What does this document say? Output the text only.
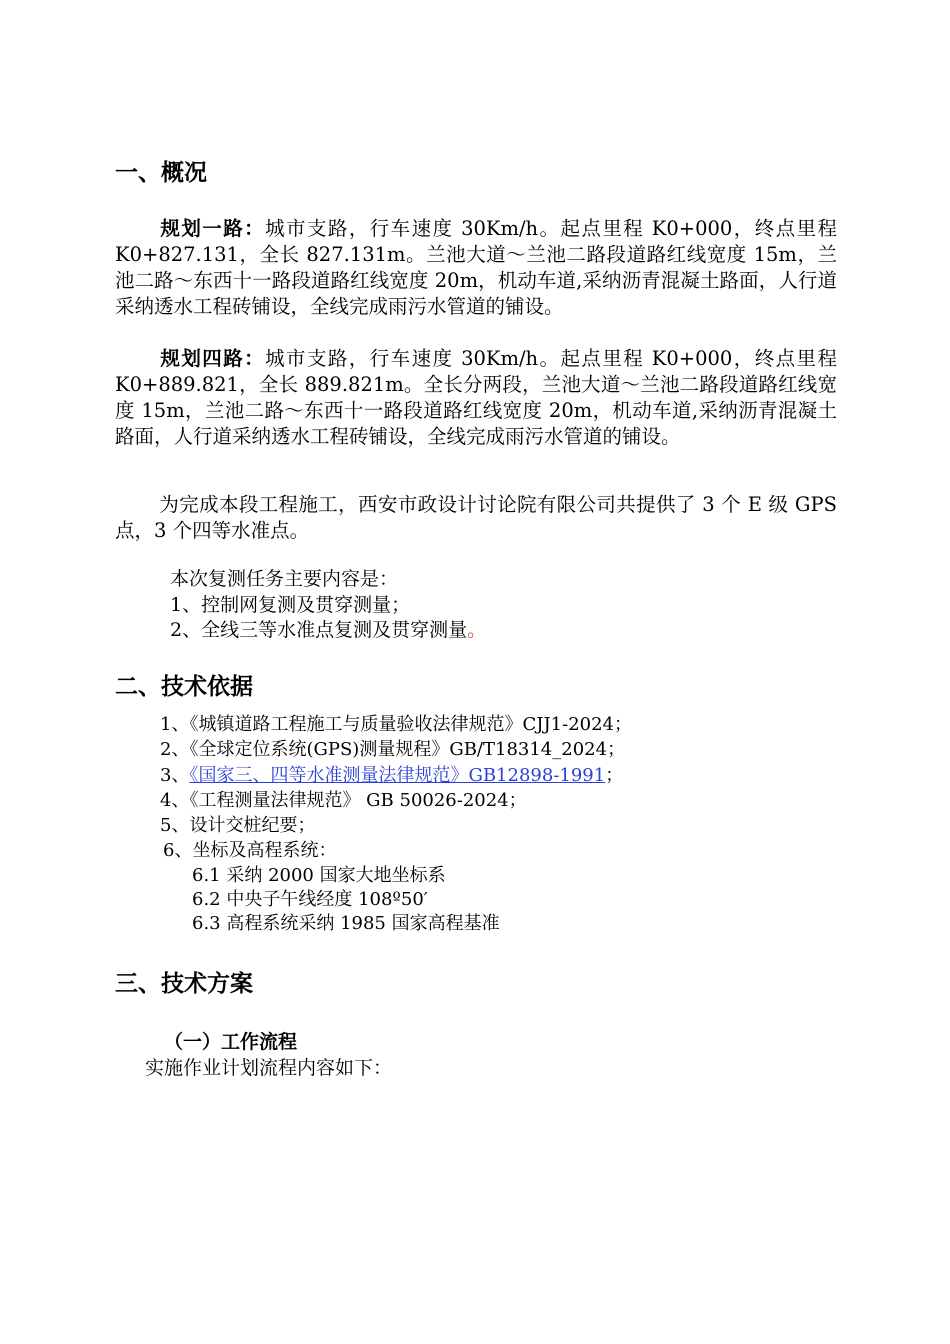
一、概况
规划一路：城市支路，行车速度 30Km/h。起点里程 K0+000，终点里程 K0+827.131，全长 827.131m。兰池大道～兰池二路段道路红线宽度 15m，兰池二路～东西十一路段道路红线宽度 20m，机动车道,采纳沥青混凝土路面，人行道采纳透水工程砖铺设，全线完成雨污水管道的铺设。
规划四路：城市支路，行车速度 30Km/h。起点里程 K0+000，终点里程 K0+889.821，全长 889.821m。全长分两段，兰池大道～兰池二路段道路红线宽度 15m，兰池二路～东西十一路段道路红线宽度 20m，机动车道,采纳沥青混凝土路面，人行道采纳透水工程砖铺设，全线完成雨污水管道的铺设。
为完成本段工程施工，西安市政设计讨论院有限公司共提供了 3 个 E 级 GPS 点，3 个四等水准点。
本次复测任务主要内容是：
1、控制网复测及贯穿测量；
2、全线三等水准点复测及贯穿测量。
二、技术依据
1、《城镇道路工程施工与质量验收法律规范》CJJ1-2024；
2、《全球定位系统(GPS)测量规程》GB/T18314_2024；
3、《国家三、四等水准测量法律规范》GB12898-1991；
4、《工程测量法律规范》 GB 50026-2024；
5、设计交桩纪要；
6、坐标及高程系统：
6.1 采纳 2000 国家大地坐标系
6.2 中央子午线经度 108º50′
6.3 高程系统采纳 1985 国家高程基准
三、技术方案
（一）工作流程
实施作业计划流程内容如下：
